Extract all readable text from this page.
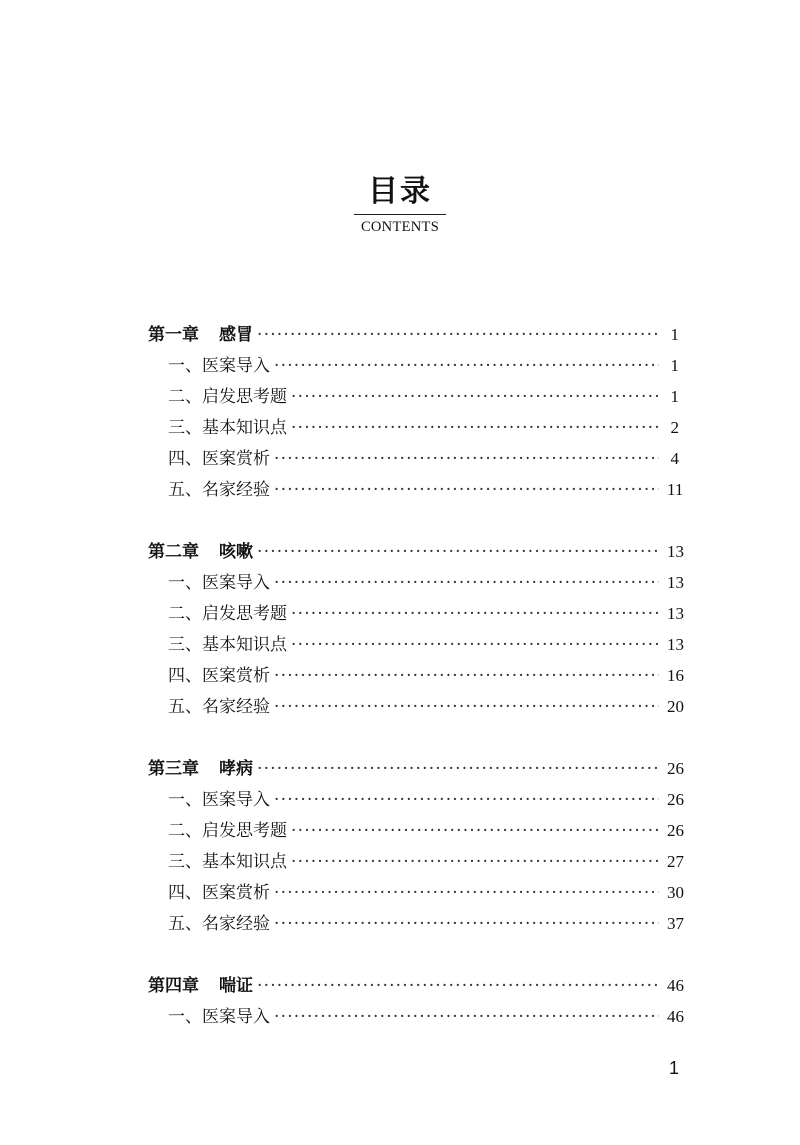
目录
CONTENTS
第一章 感冒 ·····	1
一、医案导入 ·····	1
二、启发思考题 ·····	1
三、基本知识点 ·····	2
四、医案赏析 ·····	4
五、名家经验 ·····	11
第二章 咳嗽 ·····	13
一、医案导入 ·····	13
二、启发思考题 ·····	13
三、基本知识点 ·····	13
四、医案赏析 ·····	16
五、名家经验 ·····	20
第三章 哮病 ·····	26
一、医案导入 ·····	26
二、启发思考题 ·····	26
三、基本知识点 ·····	27
四、医案赏析 ·····	30
五、名家经验 ·····	37
第四章 喘证 ·····	46
一、医案导入 ·····	46
1
